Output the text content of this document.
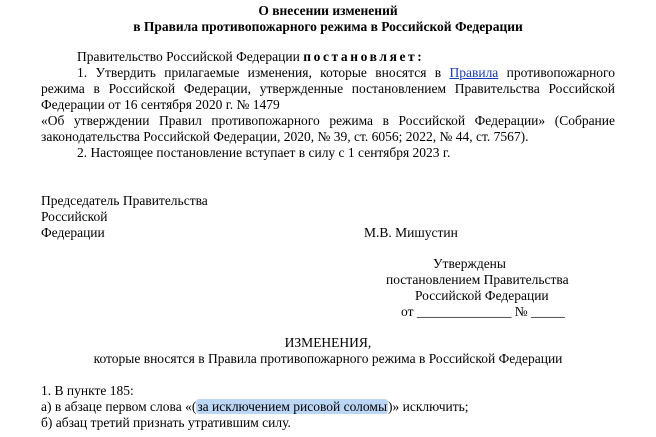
О внесении изменений
в Правила противопожарного режима в Российской Федерации
Правительство Российской Федерации постановляет:
1. Утвердить прилагаемые изменения, которые вносятся в Правила противопожарного
режима в Российской Федерации, утвержденные постановлением Правительства Российской
Федерации от 16 сентября 2020 г. № 1479
«Об утверждении Правил противопожарного режима в Российской Федерации» (Собрание
законодательства Российской Федерации, 2020, № 39, ст. 6056; 2022, № 44, ст. 7567).
2. Настоящее постановление вступает в силу с 1 сентября 2023 г.
Председатель Правительства
Российской
Федерации	М.В. Мишустин
Утверждены
постановлением Правительства
Российской Федерации
от ______________ № _____
ИЗМЕНЕНИЯ,
которые вносятся в Правила противопожарного режима в Российской Федерации
1. В пункте 185:
а) в абзаце первом слова «(за исключением рисовой соломы)» исключить;
б) абзац третий признать утратившим силу.
